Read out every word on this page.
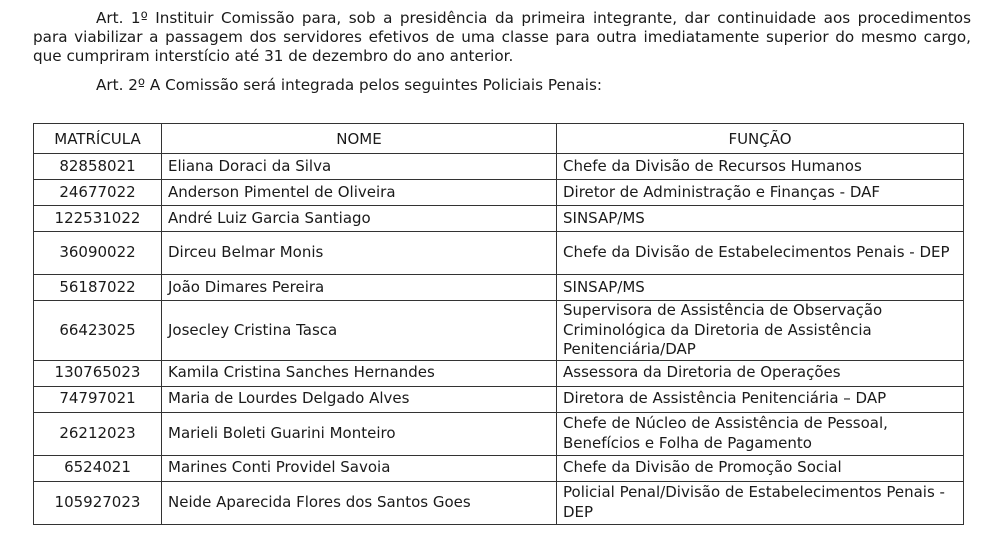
Art. 1º Instituir Comissão para, sob a presidência da primeira integrante, dar continuidade aos procedimentos para viabilizar a passagem dos servidores efetivos de uma classe para outra imediatamente superior do mesmo cargo, que cumpriram interstício até 31 de dezembro do ano anterior.

Art. 2º A Comissão será integrada pelos seguintes Policiais Penais:

MATRÍCULA	NOME	FUNÇÃO
82858021	Eliana Doraci da Silva	Chefe da Divisão de Recursos Humanos
24677022	Anderson Pimentel de Oliveira	Diretor de Administração e Finanças - DAF
122531022	André Luiz Garcia Santiago	SINSAP/MS
36090022	Dirceu Belmar Monis	Chefe da Divisão de Estabelecimentos Penais - DEP
56187022	João Dimares Pereira	SINSAP/MS
66423025	Josecley Cristina Tasca	Supervisora de Assistência de Observação Criminológica da Diretoria de Assistência Penitenciária/DAP
130765023	Kamila Cristina Sanches Hernandes	Assessora da Diretoria de Operações
74797021	Maria de Lourdes Delgado Alves	Diretora de Assistência Penitenciária – DAP
26212023	Marieli Boleti Guarini Monteiro	Chefe de Núcleo de Assistência de Pessoal, Benefícios e Folha de Pagamento
6524021	Marines Conti Providel Savoia	Chefe da Divisão de Promoção Social
105927023	Neide Aparecida Flores dos Santos Goes	Policial Penal/Divisão de Estabelecimentos Penais - DEP
